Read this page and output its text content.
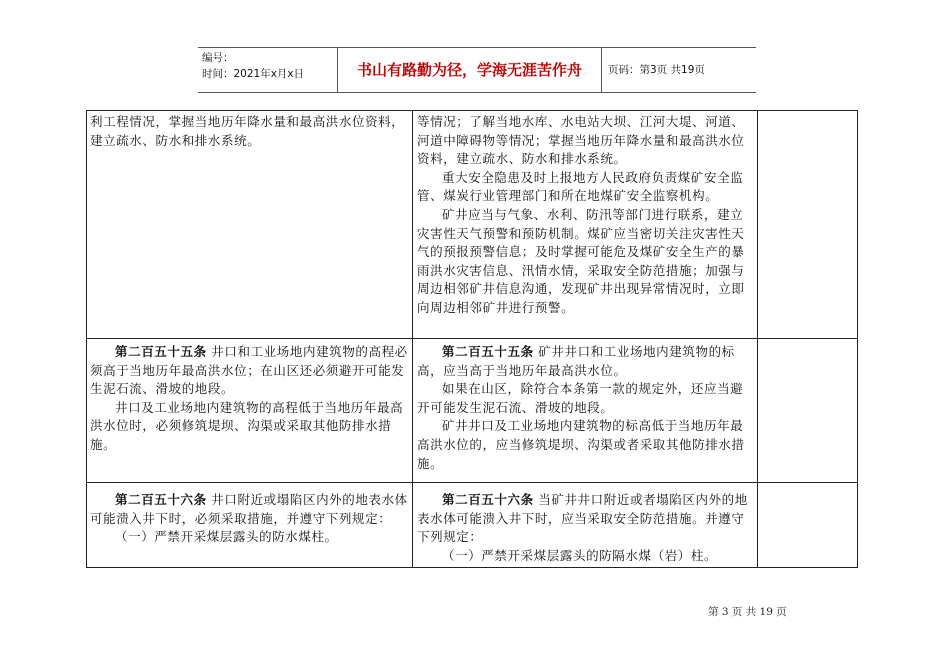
编号：
时间：2021年x月x日	书山有路勤为径，学海无涯苦作舟	页码：第3页 共19页

利工程情况，掌握当地历年降水量和最高洪水位资料，建立疏水、防水和排水系统。

等情况；了解当地水库、水电站大坝、江河大堤、河道、河道中障碍物等情况；掌握当地历年降水量和最高洪水位资料，建立疏水、防水和排水系统。

重大安全隐患及时上报地方人民政府负责煤矿安全监管、煤炭行业管理部门和所在地煤矿安全监察机构。

矿井应当与气象、水利、防汛等部门进行联系，建立灾害性天气预警和预防机制。煤矿应当密切关注灾害性天气的预报预警信息；及时掌握可能危及煤矿安全生产的暴雨洪水灾害信息、汛情水情，采取安全防范措施；加强与周边相邻矿井信息沟通，发现矿井出现异常情况时，立即向周边相邻矿井进行预警。

第二百五十五条 井口和工业场地内建筑物的高程必须高于当地历年最高洪水位；在山区还必须避开可能发生泥石流、滑坡的地段。

井口及工业场地内建筑物的高程低于当地历年最高洪水位时，必须修筑堤坝、沟渠或采取其他防排水措施。

第二百五十五条 矿井井口和工业场地内建筑物的标高，应当高于当地历年最高洪水位。

如果在山区，除符合本条第一款的规定外，还应当避开可能发生泥石流、滑坡的地段。

矿井井口及工业场地内建筑物的标高低于当地历年最高洪水位的，应当修筑堤坝、沟渠或者采取其他防排水措施。

第二百五十六条 井口附近或塌陷区内外的地表水体可能溃入井下时，必须采取措施，并遵守下列规定：

（一）严禁开采煤层露头的防水煤柱。

第二百五十六条 当矿井井口附近或者塌陷区内外的地表水体可能溃入井下时，应当采取安全防范措施。并遵守下列规定：

（一）严禁开采煤层露头的防隔水煤（岩）柱。

第 3 页 共 19 页
